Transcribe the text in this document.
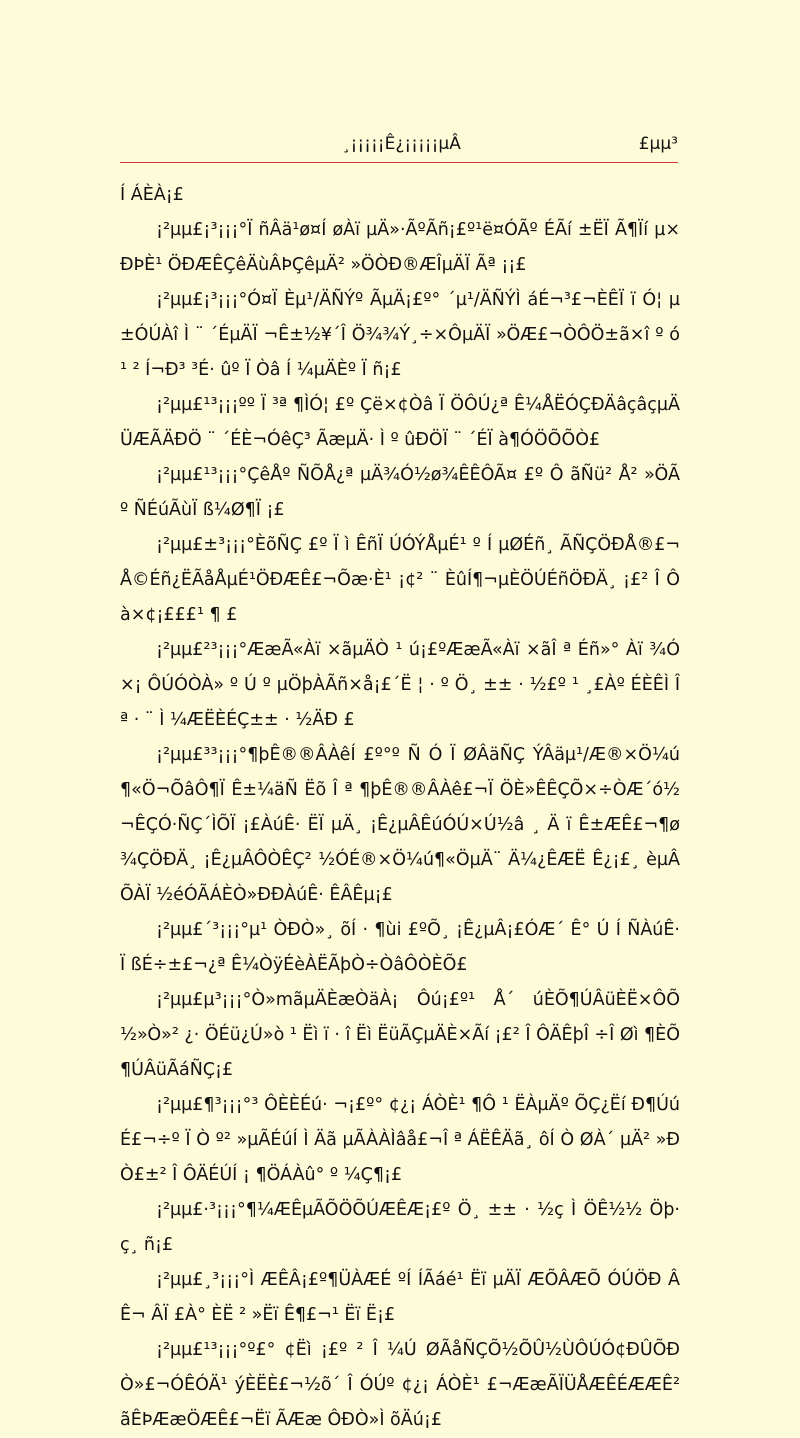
¸¡¡¡¡¡Ê¿¡¡¡¡¡µÂ	£µµ³

Í ÁÈÀ¡£

¡²µµ£¡³¡¡¡°Ï ñÂä¹ø¤Í øÀï µÄ»·ÃºÃñ¡£º¹ë¤ÓÃº ÉÃí ±ËÏ Ã¶Ïí µ×ÐÞÈ¹ ÖÐÆÊÇêÄùÂÞÇêµÄ² »ÖÒÐ®ÆÎµÄÏ Ãª ¡¡£

¡²µµ£¡³¡¡¡°Ó¤Ï Èµ¹/ÄÑÝº ÃµÄ¡£º° ´µ¹/ÄÑÝÌ áÉ¬³£¬ÈÊÏ ï Ó¦ µ±ÓÚÀî Ì ¨ ´ÉµÄÏ ¬Ê±½¥´Î Ö¾¾Ý¸÷×ÔµÄÏ »ÖÆ£¬ÒÔÖ±ã×î º ó¹ ² Í¬Ð³ ³É· ûº Ï Òâ Í ¼µÄÈº Ï ñ¡£

¡²µµ£¹³¡¡¡ºº Ï ³ª ¶ÌÓ¦ £º Çë×¢Òâ Ï ÖÔÚ¿ª Ê¼ÅËÓÇÐÄâçâçµÄÜÆÃÄÐÖ ¨ ´ÉÈ¬ÓêÇ³ ÃæµÄ· Ì º ûÐÖÏ ¨ ´ÉÏ à¶ÓÖÕÕÒ£

¡²µµ£¹³¡¡¡°ÇêÅº ÑÕÅ¿ª µÄ¾Ó½ø¾ÊÊÔÃ¤ £º Ô ãÑü² Å² »ÖÃº ÑÉúÃùÏ ß¼Ø¶Ï ¡£

¡²µµ£±³¡¡¡°ÈõÑÇ £º Ï ì ÊñÏ ÚÓÝÅµÉ¹ º Í µØÉñ¸ ÃÑÇÖÐÅ®£¬Å©Éñ¿ËÃåÅµÉ¹ÖÐÆÊ£¬Õæ·È¹ ¡¢² ¨ ÈûÍ¶¬µÈÖÚÉñÖÐÄ¸ ¡£² Î Ôà×¢¡£££¹ ¶ £

¡²µµ£²³¡¡¡°ÆæÃ«Àï ×ãµÄÒ ¹ ú¡£ºÆæÃ«Àï ×ãÎ ª Éñ»° Àï ¾Ó×¡ ÔÚÓÒÀ» º Ú º µÖþÀÃñ×å¡£´Ë ¦ · º Ö¸ ±± · ½£º ¹ ¸£Àº ÉÈÊÌ Î ª · ¨ Ì ¼ÆËÈÉÇ±± · ½ÄÐ £

¡²µµ£³³¡¡¡°¶þÊ®®ÂÀêÍ £º°º Ñ Ó Ï ØÂäÑÇ ÝÂäµ¹/Æ®×Ö¼ú¶«Ö¬ÕâÔ¶Ï Ê±¼äÑ Ëõ Î ª ¶þÊ®®ÂÀê£¬Ï ÖÈ»ÊÊÇÕ×÷ÒÆ´ó½¬ÊÇÓ·ÑÇ´ÌÕÏ ¡£ÀúÊ· ËÏ µÄ¸ ¡Ê¿µÂÊúÓÚ×Ú½â ¸ Ä ï Ê±ÆÊ£¬¶ø¾ÇÖÐÄ¸ ¡Ê¿µÂÔÒÊÇ² ½ÓÉ®×Ö¼ú¶«ÖµÄ¨ Ä¼¿ÊÆË Ê¿¡£¸ èµÂÕÀÏ ½éÓÃÁÈÒ»ÐÐÀúÊ· ÊÂÊµ¡£

¡²µµ£´³¡¡¡°µ¹ ÒÐÒ»¸ õÍ · ¶ùi £ºÕ¸ ¡Ê¿µÂ¡£ÓÆ´ Ê° Ú Í ÑÀúÊ· Ï ßÉ÷±£¬¿ª Ê¼ÒÿÉèÀËÃþÒ÷ÒâÔÒÈÕ£

¡²µµ£µ³¡¡¡°Ò»mãµÄÈæÒäÀ¡ Ôú¡£º¹ Å´ úÈÕ¶ÚÂüÈË×ÔÕ ½»Ò»² ¿· ÖÉü¿Ú»ò ¹ Ëì ï · î Ëì ËüÃÇµÄÈ×Ãí ¡£² Î ÔÄÊþÎ ÷Î Øì ¶ÈÕ¶ÚÂüÃáÑÇ¡£

¡²µµ£¶³¡¡¡°³ ÔÈÈÉú· ¬¡£º° ¢¿¡ ÁÒÈ¹ ¶Ô ¹ ËÀµÄº ÕÇ¿Ëí Ð¶ÚúÉ£¬÷º Ï Ò º² »µÃÉúÍ Ì Äã µÃÀÀÌâå£¬Î ª ÁËÊÄã¸ ôÍ Ò ØÀ´ µÄ² »ÐÒ£±² Î ÔÄÉÚÍ ¡ ¶ÖÁÀû° º ¼Ç¶¡£

¡²µµ£·³¡¡¡°¶¼ÆÊµÃÕÖÕÚÆÊÆ¡£º Ö¸ ±± · ½ç Ì ÖÊ½½ Öþ· ç¸ ñ¡£

¡²µµ£¸³¡¡¡°Ì ÆÊÂ¡£º¶ÜÀÆÉ ºÍ ÍÃáé¹ Ëï µÄÏ ÆÕÂÆÕ ÓÚÖÐ ÂÊ¬ ÂÏ £À° ÈË ² »Ëï Ê¶£¬¹ Ëï Ë¡£

¡²µµ£¹³¡¡¡°º£° ¢Ëì ¡£º ² Î ¼Ú ØÃåÑÇÕ½ÕÛ½ÙÔÚÓ¢ÐÛÕÐÒ»£¬ÓÊÓÄ¹ ýÈËÈ£¬½õ´ Î ÓÚº ¢¿¡ ÁÒÈ¹ £¬ÆæÃÏÜÅÆÊÉÆÆÊ² ãÊÞÆæÖÆÊ£¬Ëï ÃÆæ ÔÐÒ»Ì õÄú¡£
